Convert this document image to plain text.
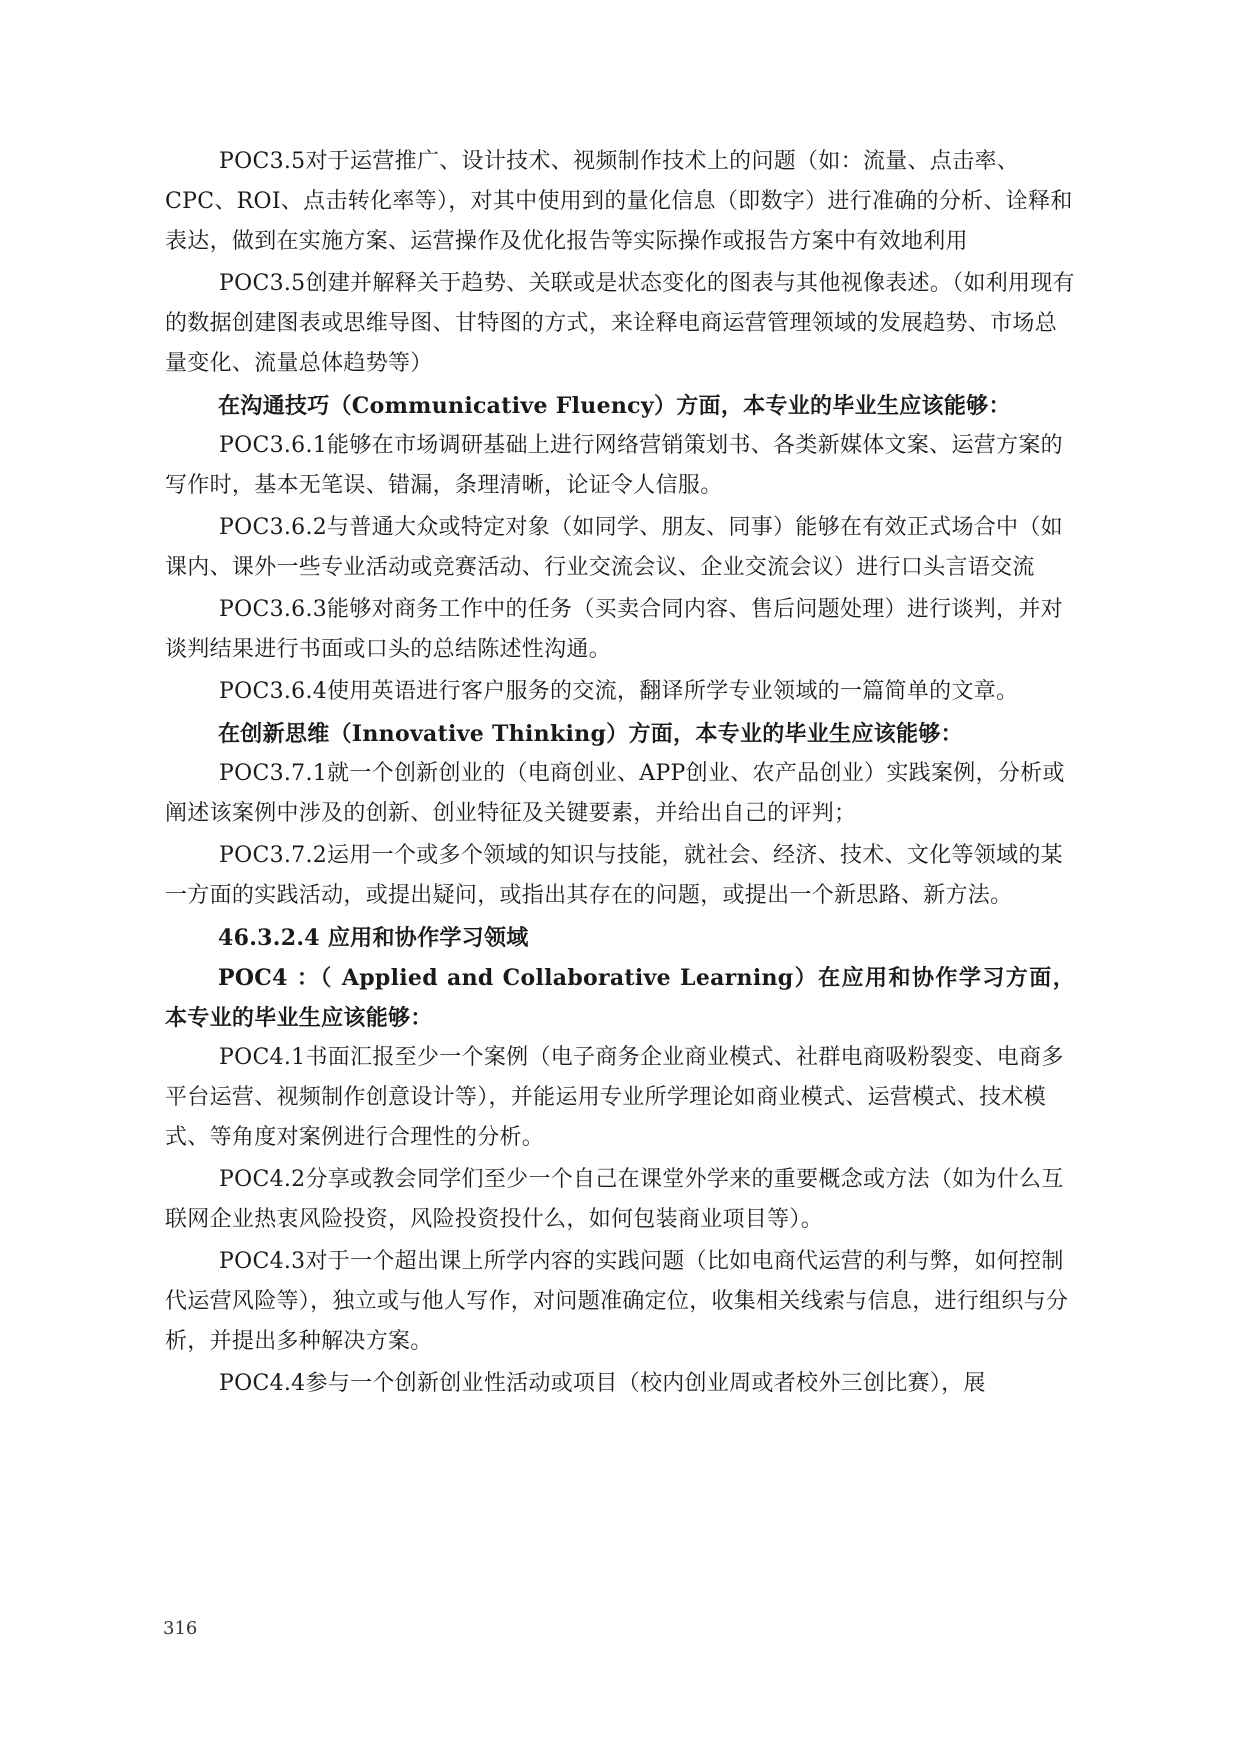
POC3.5对于运营推广、设计技术、视频制作技术上的问题（如：流量、点击率、CPC、ROI、点击转化率等），对其中使用到的量化信息（即数字）进行准确的分析、诠释和表达，做到在实施方案、运营操作及优化报告等实际操作或报告方案中有效地利用

POC3.5创建并解释关于趋势、关联或是状态变化的图表与其他视像表述。（如利用现有的数据创建图表或思维导图、甘特图的方式，来诠释电商运营管理领域的发展趋势、市场总量变化、流量总体趋势等）

在沟通技巧（Communicative Fluency）方面，本专业的毕业生应该能够：

POC3.6.1能够在市场调研基础上进行网络营销策划书、各类新媒体文案、运营方案的写作时，基本无笔误、错漏，条理清晰，论证令人信服。

POC3.6.2与普通大众或特定对象（如同学、朋友、同事）能够在有效正式场合中（如课内、课外一些专业活动或竞赛活动、行业交流会议、企业交流会议）进行口头言语交流

POC3.6.3能够对商务工作中的任务（买卖合同内容、售后问题处理）进行谈判，并对谈判结果进行书面或口头的总结陈述性沟通。

POC3.6.4使用英语进行客户服务的交流，翻译所学专业领域的一篇简单的文章。

在创新思维（Innovative Thinking）方面，本专业的毕业生应该能够：

POC3.7.1就一个创新创业的（电商创业、APP创业、农产品创业）实践案例，分析或阐述该案例中涉及的创新、创业特征及关键要素，并给出自己的评判；

POC3.7.2运用一个或多个领域的知识与技能，就社会、经济、技术、文化等领域的某一方面的实践活动，或提出疑问，或指出其存在的问题，或提出一个新思路、新方法。

46.3.2.4 应用和协作学习领域

POC4 ：（ Applied and Collaborative Learning）在应用和协作学习方面，本专业的毕业生应该能够：

POC4.1书面汇报至少一个案例（电子商务企业商业模式、社群电商吸粉裂变、电商多平台运营、视频制作创意设计等），并能运用专业所学理论如商业模式、运营模式、技术模式、等角度对案例进行合理性的分析。

POC4.2分享或教会同学们至少一个自己在课堂外学来的重要概念或方法（如为什么互联网企业热衷风险投资，风险投资投什么，如何包装商业项目等）。

POC4.3对于一个超出课上所学内容的实践问题（比如电商代运营的利与弊，如何控制代运营风险等），独立或与他人写作，对问题准确定位，收集相关线索与信息，进行组织与分析，并提出多种解决方案。

POC4.4参与一个创新创业性活动或项目（校内创业周或者校外三创比赛），展

316
